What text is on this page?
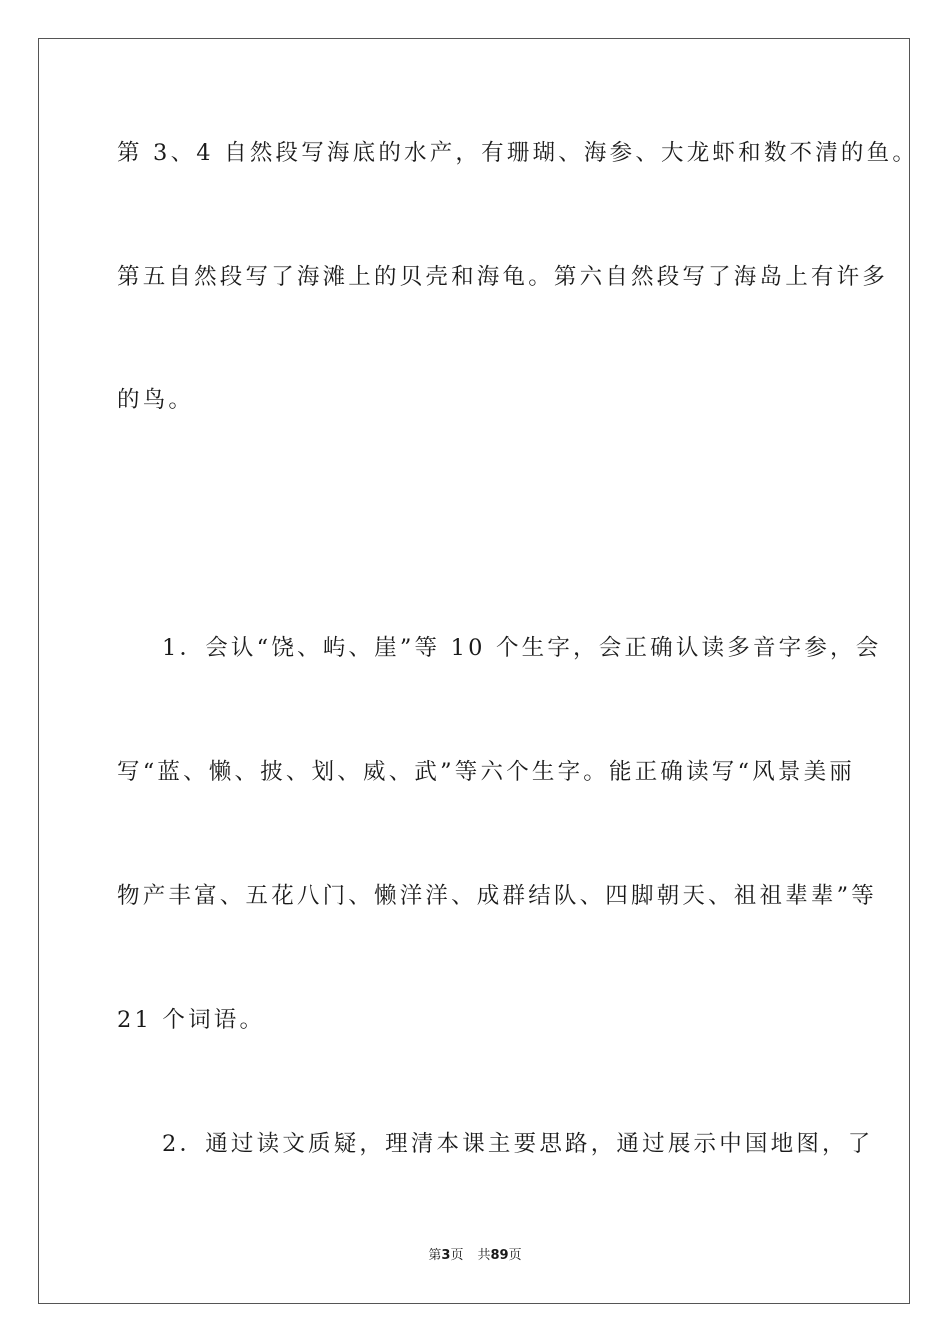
第 3、4 自然段写海底的水产，有珊瑚、海参、大龙虾和数不清的鱼。
第五自然段写了海滩上的贝壳和海龟。第六自然段写了海岛上有许多
的鸟。
1．会认“饶、屿、崖”等 10 个生字，会正确认读多音字参，会
写“蓝、懒、披、划、威、武”等六个生字。能正确读写“风景美丽
物产丰富、五花八门、懒洋洋、成群结队、四脚朝天、祖祖辈辈”等
21 个词语。
2．通过读文质疑，理清本课主要思路，通过展示中国地图，了
第3页 共89页
